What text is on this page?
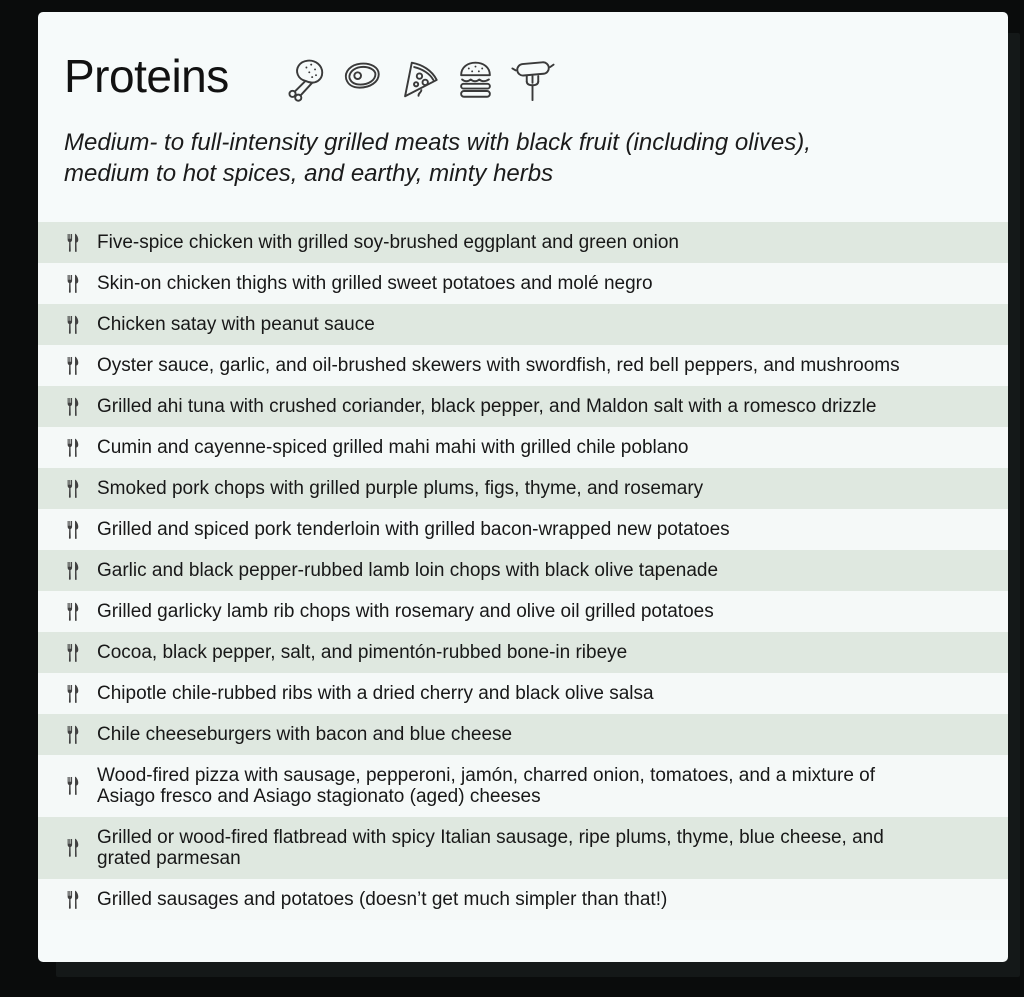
Proteins

Medium- to full-intensity grilled meats with black fruit (including olives), medium to hot spices, and earthy, minty herbs

Five-spice chicken with grilled soy-brushed eggplant and green onion
Skin-on chicken thighs with grilled sweet potatoes and molé negro
Chicken satay with peanut sauce
Oyster sauce, garlic, and oil-brushed skewers with swordfish, red bell peppers, and mushrooms
Grilled ahi tuna with crushed coriander, black pepper, and Maldon salt with a romesco drizzle
Cumin and cayenne-spiced grilled mahi mahi with grilled chile poblano
Smoked pork chops with grilled purple plums, figs, thyme, and rosemary
Grilled and spiced pork tenderloin with grilled bacon-wrapped new potatoes
Garlic and black pepper-rubbed lamb loin chops with black olive tapenade
Grilled garlicky lamb rib chops with rosemary and olive oil grilled potatoes
Cocoa, black pepper, salt, and pimentón-rubbed bone-in ribeye
Chipotle chile-rubbed ribs with a dried cherry and black olive salsa
Chile cheeseburgers with bacon and blue cheese
Wood-fired pizza with sausage, pepperoni, jamón, charred onion, tomatoes, and a mixture of Asiago fresco and Asiago stagionato (aged) cheeses
Grilled or wood-fired flatbread with spicy Italian sausage, ripe plums, thyme, blue cheese, and grated parmesan
Grilled sausages and potatoes (doesn’t get much simpler than that!)
